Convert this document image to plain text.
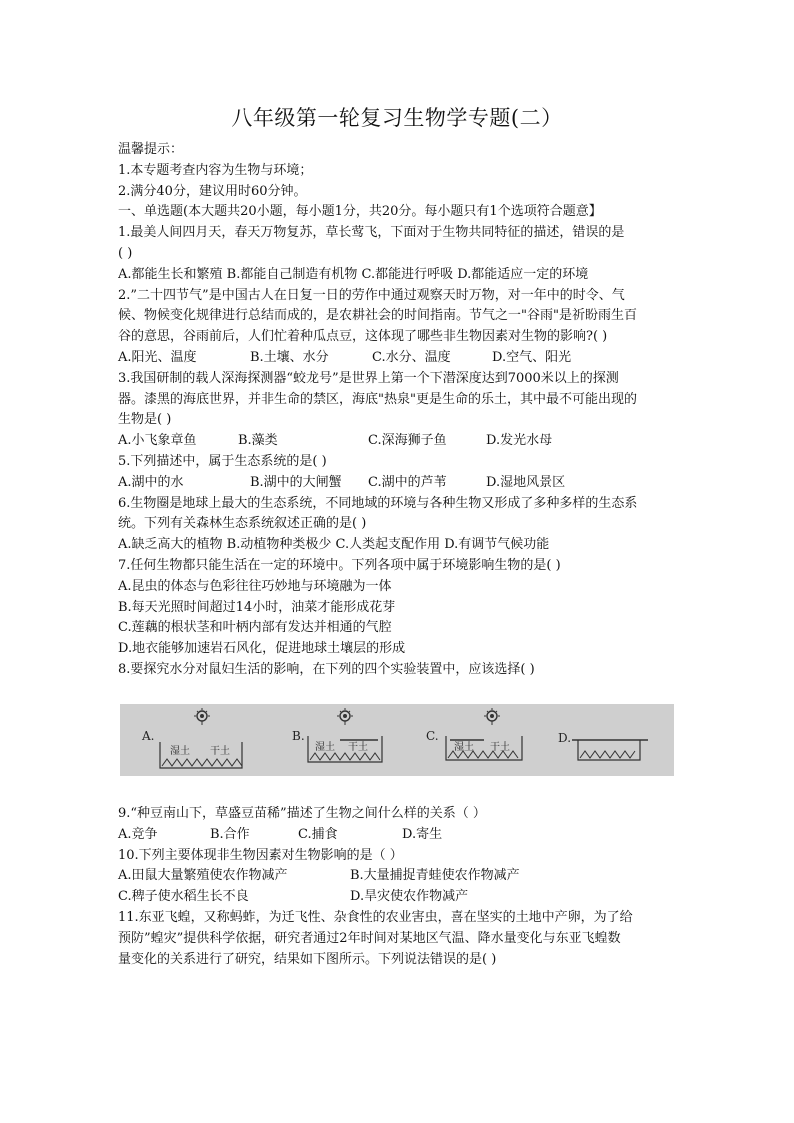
八年级第一轮复习生物学专题(二）
温馨提示：
1.本专题考查内容为生物与环境；
2.满分40分，建议用时60分钟。
一、单选题(本大题共20小题，每小题1分，共20分。每小题只有1个选项符合题意】
1.最美人间四月天，春天万物复苏，草长莺飞，下面对于生物共同特征的描述，错误的是
( )
A.都能生长和繁殖 B.都能自己制造有机物 C.都能进行呼吸 D.都能适应一定的环境
2.”二十四节气”是中国古人在日复一日的劳作中通过观察天时万物，对一年中的时令、气
候、物候变化规律进行总结而成的，是农耕社会的时间指南。节气之一"谷雨"是祈盼雨生百
谷的意思，谷雨前后，人们忙着种瓜点豆，这体现了哪些非生物因素对生物的影响?( )
A.阳光、温度	B.土壤、水分	C.水分、温度	D.空气、阳光
3.我国研制的载人深海探测器“蛟龙号”是世界上第一个下潜深度达到7000米以上的探测
器。漆黑的海底世界，并非生命的禁区，海底"热泉"更是生命的乐土，其中最不可能出现的
生物是( )
A.小飞象章鱼	B.藻类	C.深海狮子鱼	D.发光水母
5.下列描述中，属于生态系统的是( )
A.湖中的水	B.湖中的大闸蟹	C.湖中的芦苇	D.湿地风景区
6.生物圈是地球上最大的生态系统，不同地域的环境与各种生物又形成了多种多样的生态系
统。下列有关森林生态系统叙述正确的是( )
A.缺乏高大的植物 B.动植物种类极少 C.人类起支配作用 D.有调节气候功能
7.任何生物都只能生活在一定的环境中。下列各项中属于环境影响生物的是( )
A.昆虫的体态与色彩往往巧妙地与环境融为一体
B.每天光照时间超过14小时，油菜才能形成花芽
C.莲藕的根状茎和叶柄内部有发达并相通的气腔
D.地衣能够加速岩石风化，促进地球土壤层的形成
8.要探究水分对鼠妇生活的影响，在下列的四个实验装置中，应该选择( )
A.
湿土 干土
B.
湿土 干土
C.
湿土 干土
D.
9.“种豆南山下，草盛豆苗稀”描述了生物之间什么样的关系（ ）
A.竞争	B.合作	C.捕食	D.寄生
10.下列主要体现非生物因素对生物影响的是（ ）
A.田鼠大量繁殖使农作物减产	B.大量捕捉青蛙使农作物减产
C.稗子使水稻生长不良	D.旱灾使农作物减产
11.东亚飞蝗，又称蚂蚱，为迁飞性、杂食性的农业害虫，喜在坚实的土地中产卵，为了给
预防”蝗灾”提供科学依据，研究者通过2年时间对某地区气温、降水量变化与东亚飞蝗数
量变化的关系进行了研究，结果如下图所示。下列说法错误的是( )
